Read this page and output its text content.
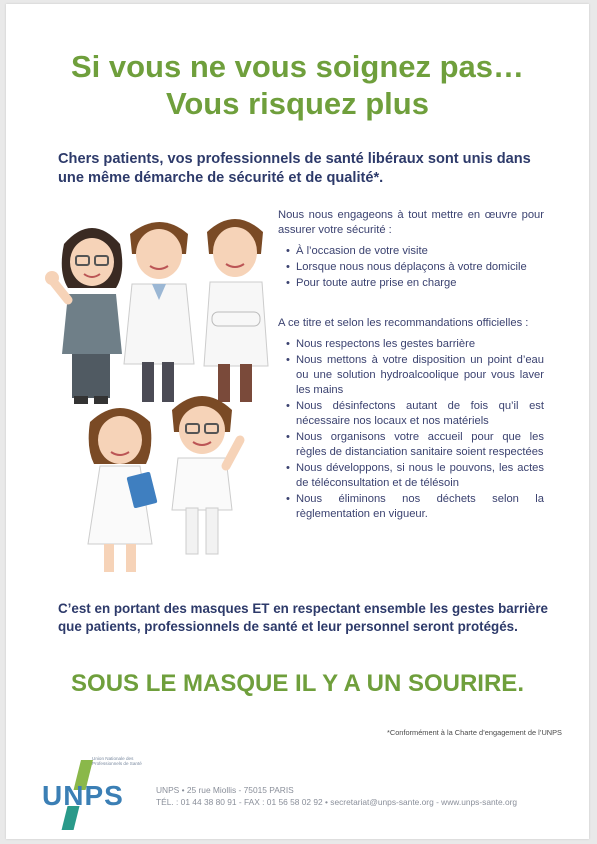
Si vous ne vous soignez pas…
Vous risquez plus
Chers patients, vos professionnels de santé libéraux sont unis dans une même démarche de sécurité et de qualité*.

Nous nous engageons à tout mettre en œuvre pour assurer votre sécurité :

• À l’occasion de votre visite
• Lorsque nous nous déplaçons à votre domicile
• Pour toute autre prise en charge

A ce titre et selon les recommandations officielles :

• Nous respectons les gestes barrière
• Nous mettons à votre disposition un point d’eau ou une solution hydroalcoolique pour vous laver les mains
• Nous désinfectons autant de fois qu’il est nécessaire nos locaux et nos matériels
• Nous organisons votre accueil pour que les règles de distanciation sanitaire soient respectées
• Nous développons, si nous le pouvons, les actes de téléconsultation et de télésoin
• Nous éliminons nos déchets selon la règlementation en vigueur.
C’est en portant des masques ET en respectant ensemble les gestes barrière que patients, professionnels de santé et leur personnel seront protégés.
SOUS LE MASQUE IL Y A UN SOURIRE.
*Conformément à la Charte d’engagement de l’UNPS
UNPS
Union Nationale des Professionnels de Santé
UNPS • 25 rue Miollis - 75015 PARIS
TÉL. : 01 44 38 80 91 - FAX : 01 56 58 02 92 • secretariat@unps-sante.org - www.unps-sante.org
